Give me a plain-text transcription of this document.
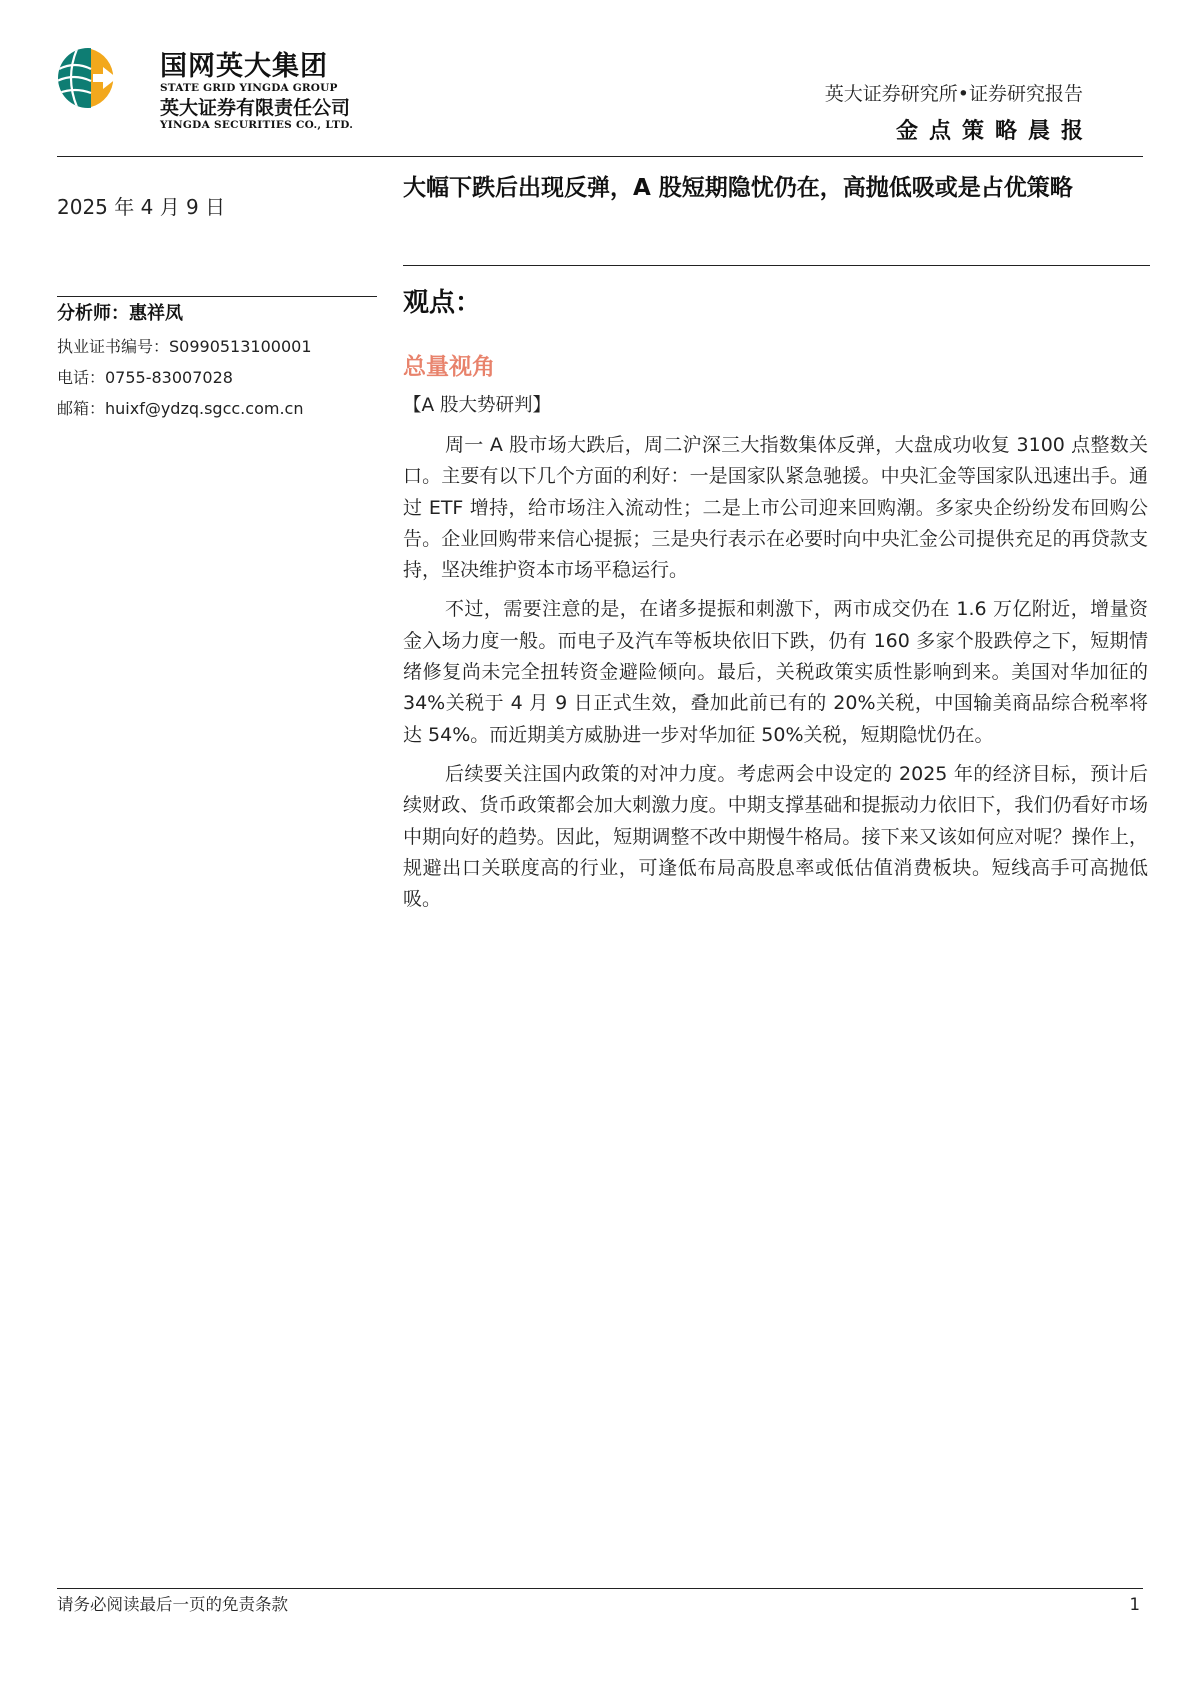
国网英大集团
STATE GRID YINGDA GROUP
英大证券有限责任公司
YINGDA SECURITIES CO., LTD.
英大证券研究所•证券研究报告
金点策略晨报
2025 年 4 月 9 日
分析师：惠祥凤
执业证书编号：S0990513100001
电话：0755-83007028
邮箱：huixf@ydzq.sgcc.com.cn
大幅下跌后出现反弹，A 股短期隐忧仍在，高抛低吸或是占优策略
观点：
总量视角
【A 股大势研判】

周一 A 股市场大跌后，周二沪深三大指数集体反弹，大盘成功收复 3100 点整数关口。主要有以下几个方面的利好：一是国家队紧急驰援。中央汇金等国家队迅速出手。通过 ETF 增持，给市场注入流动性；二是上市公司迎来回购潮。多家央企纷纷发布回购公告。企业回购带来信心提振；三是央行表示在必要时向中央汇金公司提供充足的再贷款支持，坚决维护资本市场平稳运行。

不过，需要注意的是，在诸多提振和刺激下，两市成交仍在 1.6 万亿附近，增量资金入场力度一般。而电子及汽车等板块依旧下跌，仍有 160 多家个股跌停之下，短期情绪修复尚未完全扭转资金避险倾向。最后，关税政策实质性影响到来。美国对华加征的 34%关税于 4 月 9 日正式生效，叠加此前已有的 20%关税，中国输美商品综合税率将达 54%。而近期美方威胁进一步对华加征 50%关税，短期隐忧仍在。

后续要关注国内政策的对冲力度。考虑两会中设定的 2025 年的经济目标，预计后续财政、货币政策都会加大刺激力度。中期支撑基础和提振动力依旧下，我们仍看好市场中期向好的趋势。因此，短期调整不改中期慢牛格局。接下来又该如何应对呢？操作上，规避出口关联度高的行业，可逢低布局高股息率或低估值消费板块。短线高手可高抛低吸。

请务必阅读最后一页的免责条款	1
